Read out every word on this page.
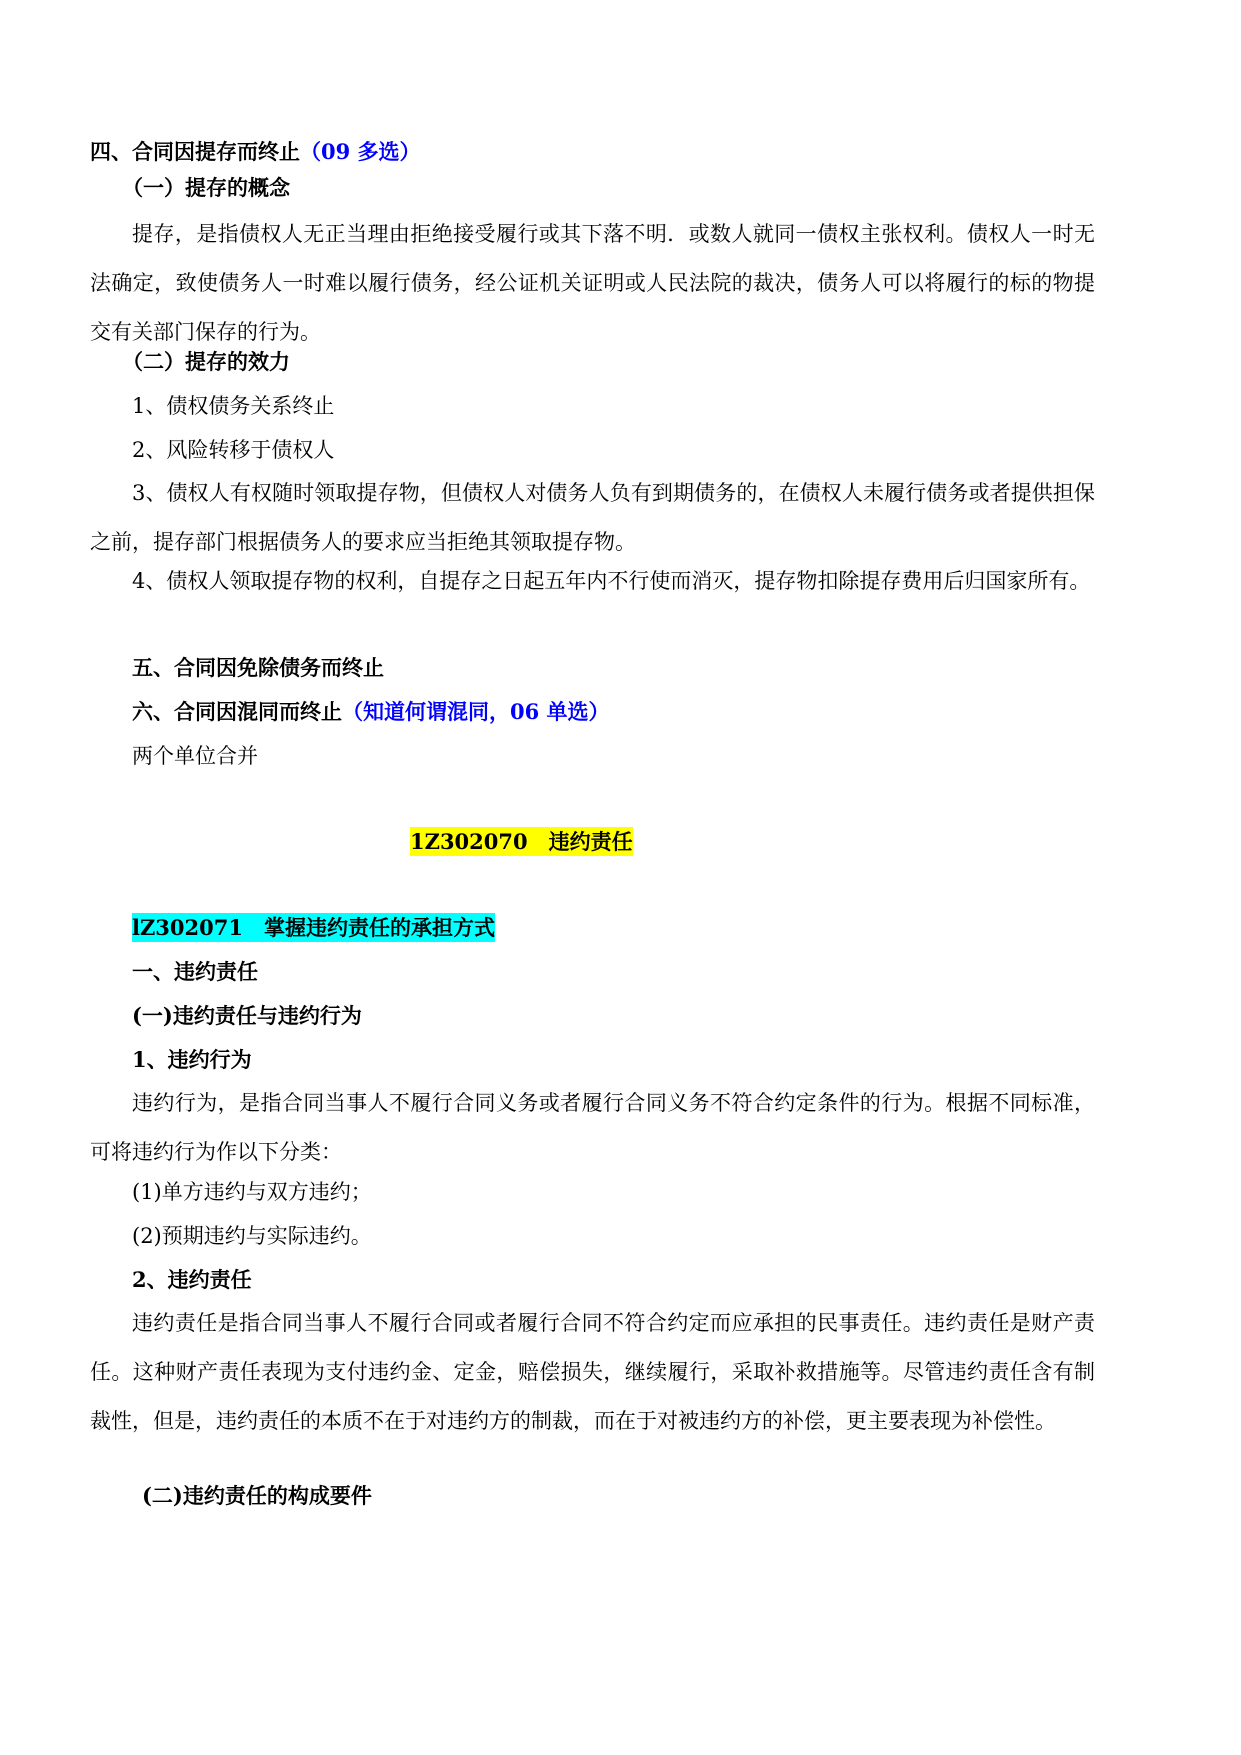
四、合同因提存而终止（09 多选）
（一）提存的概念
提存，是指债权人无正当理由拒绝接受履行或其下落不明．或数人就同一债权主张权利。债权人一时无法确定，致使债务人一时难以履行债务，经公证机关证明或人民法院的裁决，债务人可以将履行的标的物提交有关部门保存的行为。
（二）提存的效力
1、债权债务关系终止
2、风险转移于债权人
3、债权人有权随时领取提存物，但债权人对债务人负有到期债务的，在债权人未履行债务或者提供担保之前，提存部门根据债务人的要求应当拒绝其领取提存物。
4、债权人领取提存物的权利，自提存之日起五年内不行使而消灭，提存物扣除提存费用后归国家所有。
五、合同因免除债务而终止
六、合同因混同而终止（知道何谓混同，06 单选）
两个单位合并
1Z302070　违约责任
lZ302071　掌握违约责任的承担方式
一、违约责任
(一)违约责任与违约行为
1、违约行为
违约行为，是指合同当事人不履行合同义务或者履行合同义务不符合约定条件的行为。根据不同标准，可将违约行为作以下分类：
(1)单方违约与双方违约；
(2)预期违约与实际违约。
2、违约责任
违约责任是指合同当事人不履行合同或者履行合同不符合约定而应承担的民事责任。违约责任是财产责任。这种财产责任表现为支付违约金、定金，赔偿损失，继续履行，采取补救措施等。尽管违约责任含有制裁性，但是，违约责任的本质不在于对违约方的制裁，而在于对被违约方的补偿，更主要表现为补偿性。
(二)违约责任的构成要件
